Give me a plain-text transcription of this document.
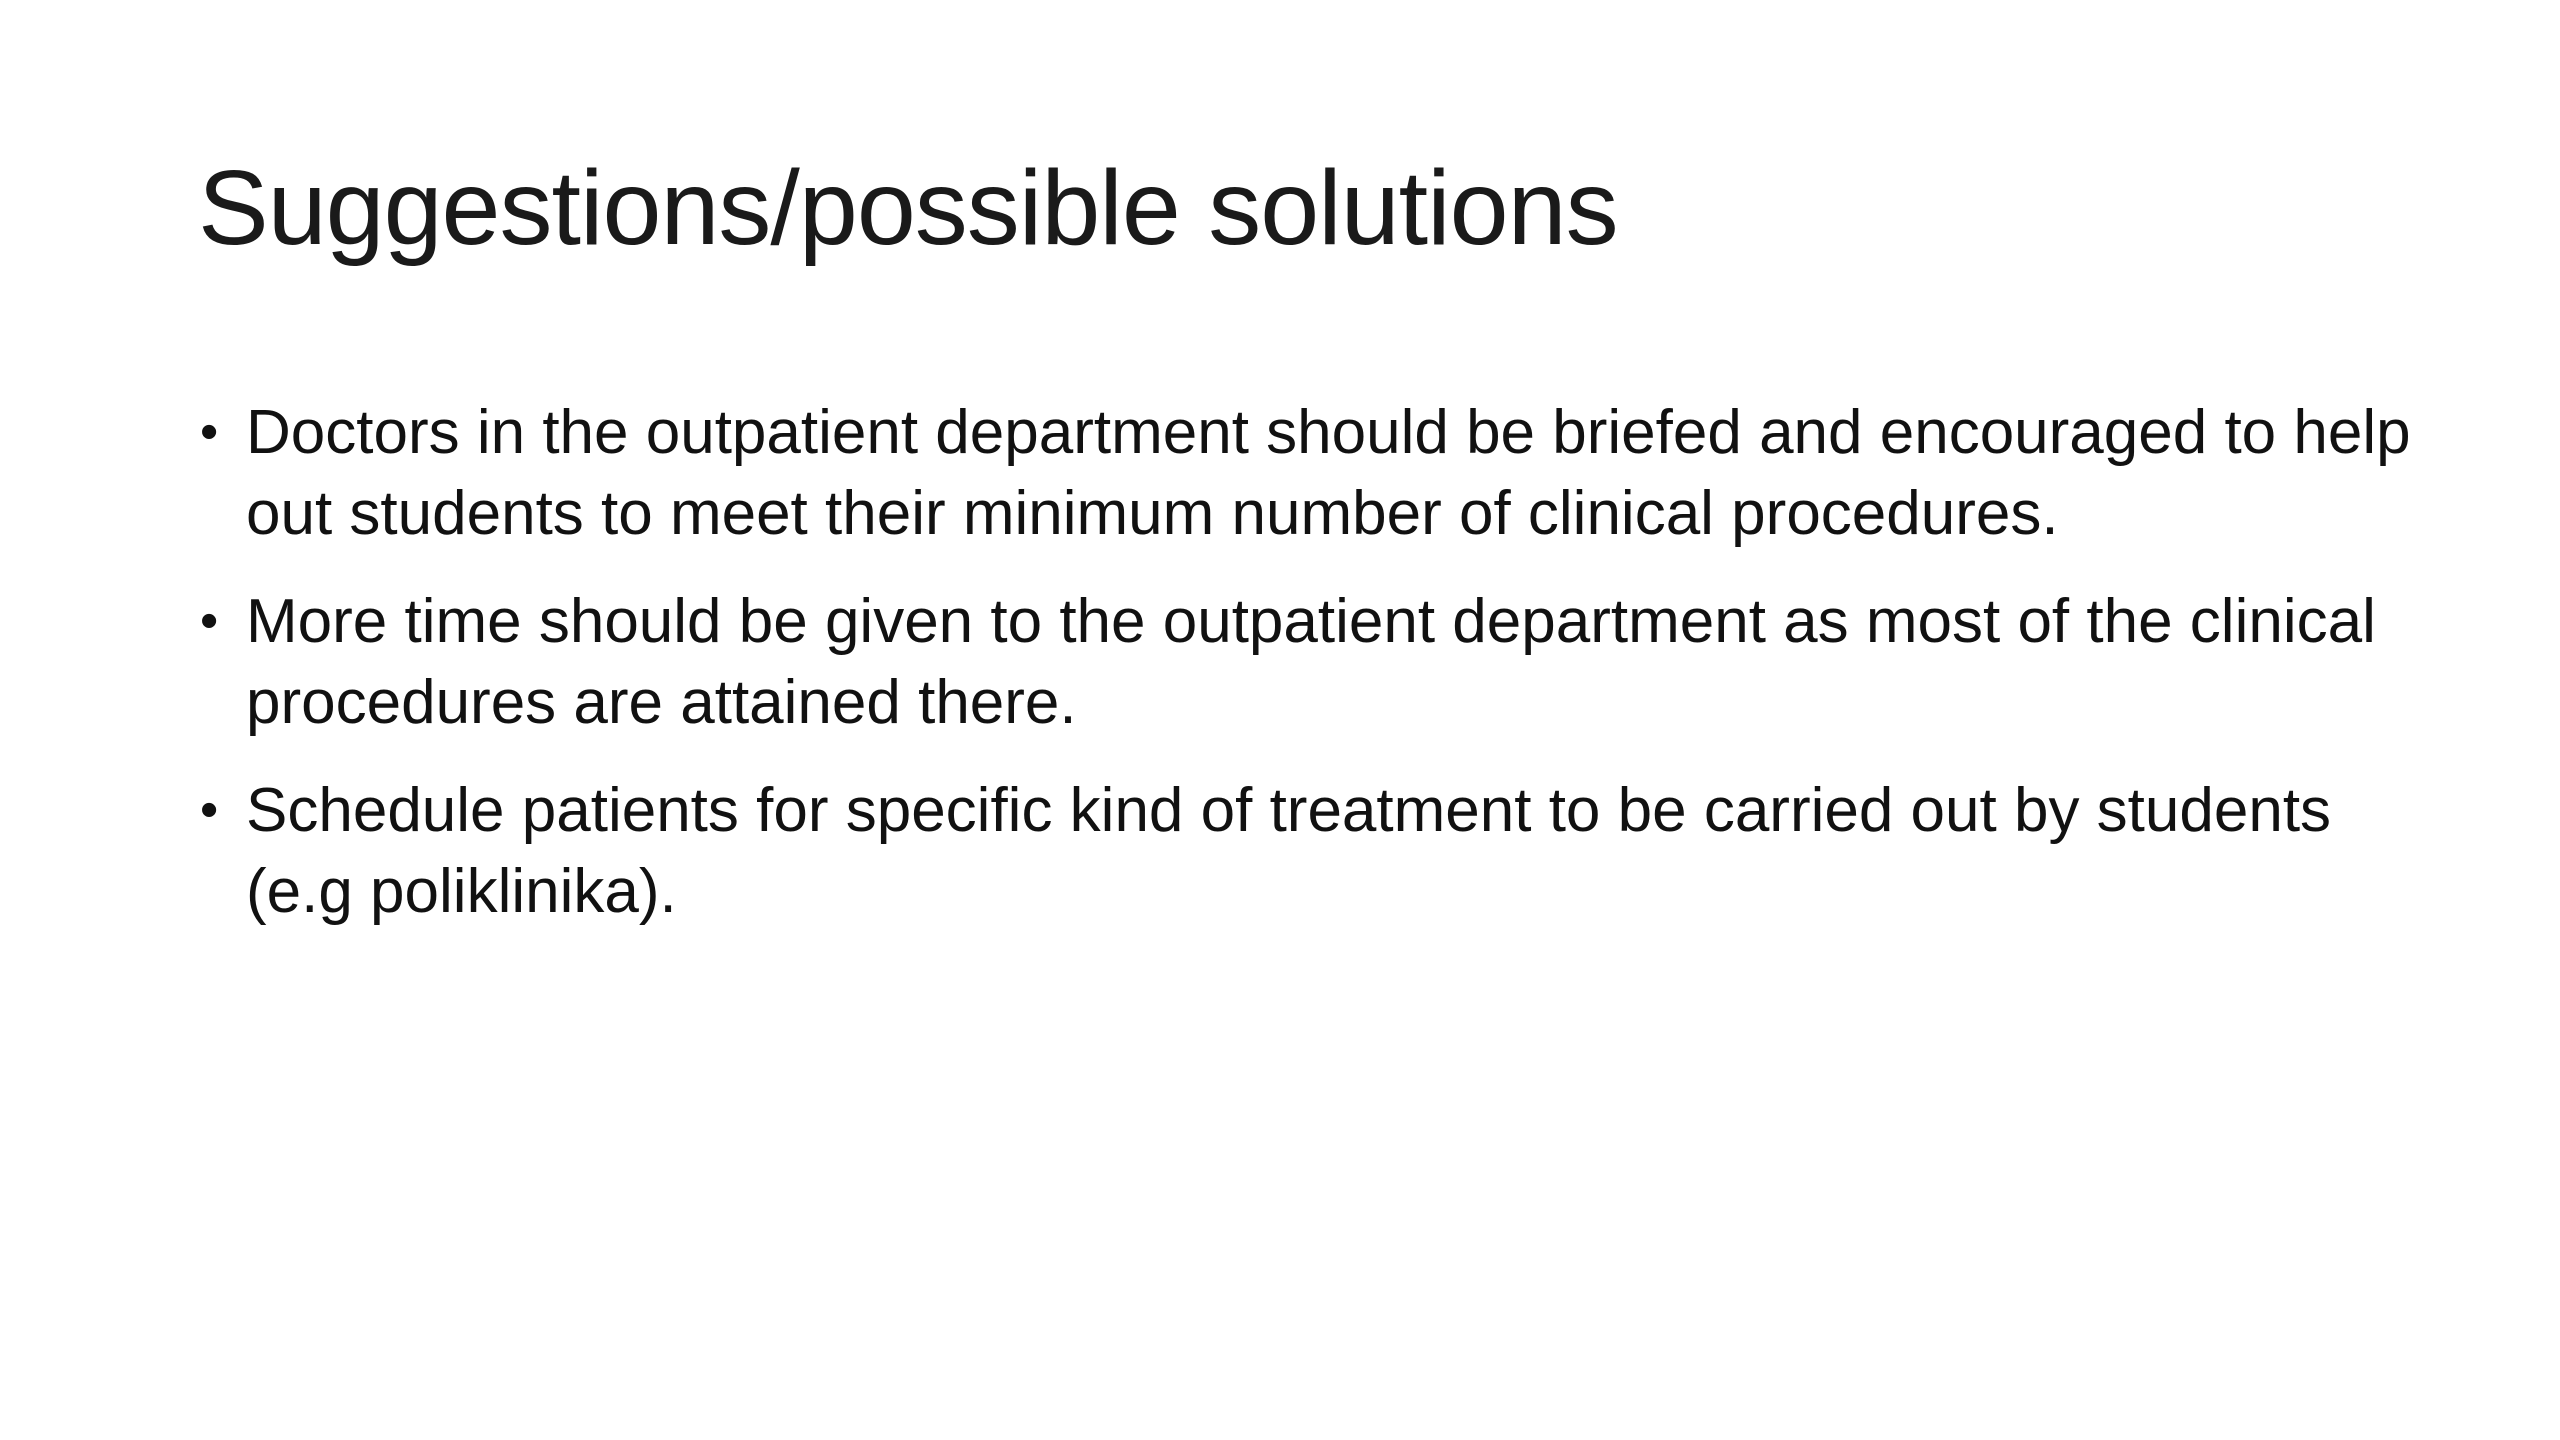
Suggestions/possible solutions
• Doctors in the outpatient department should be briefed and encouraged to help out students to meet their minimum number of clinical procedures.
• More time should be given to the outpatient department as most of the clinical procedures are attained there.
• Schedule patients for specific kind of treatment to be carried out by students (e.g poliklinika).
